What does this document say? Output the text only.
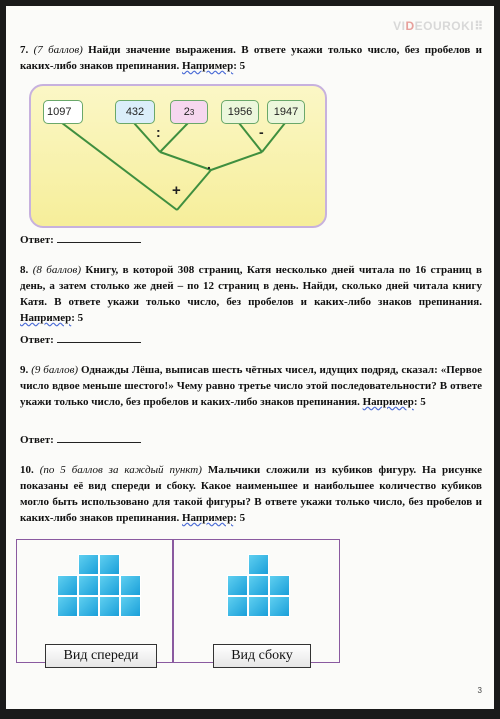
VIDEOUROKI⠿
7. (7 баллов) Найди значение выражения. В ответе укажи только число, без пробелов и каких-либо знаков препинания. Например: 5
1097	432	2 3	1956	1947
:	-
.
+
Ответ:
8. (8 баллов) Книгу, в которой 308 страниц, Катя несколько дней читала по 16 страниц в день, а затем столько же дней – по 12 страниц в день. Найди, сколько дней читала книгу Катя. В ответе укажи только число, без пробелов и каких-либо знаков препинания. Например: 5
Ответ:
9. (9 баллов) Однажды Лёша, выписав шесть чётных чисел, идущих подряд, сказал: «Первое число вдвое меньше шестого!» Чему равно третье число этой последовательности? В ответе укажи только число, без пробелов и каких-либо знаков препинания. Например: 5
Ответ:
10. (по 5 баллов за каждый пункт) Мальчики сложили из кубиков фигуру. На рисунке показаны её вид спереди и сбоку. Какое наименьшее и наибольшее количество кубиков могло быть использовано для такой фигуры? В ответе укажи только число, без пробелов и каких-либо знаков препинания. Например: 5
Вид спереди	Вид сбоку
3
